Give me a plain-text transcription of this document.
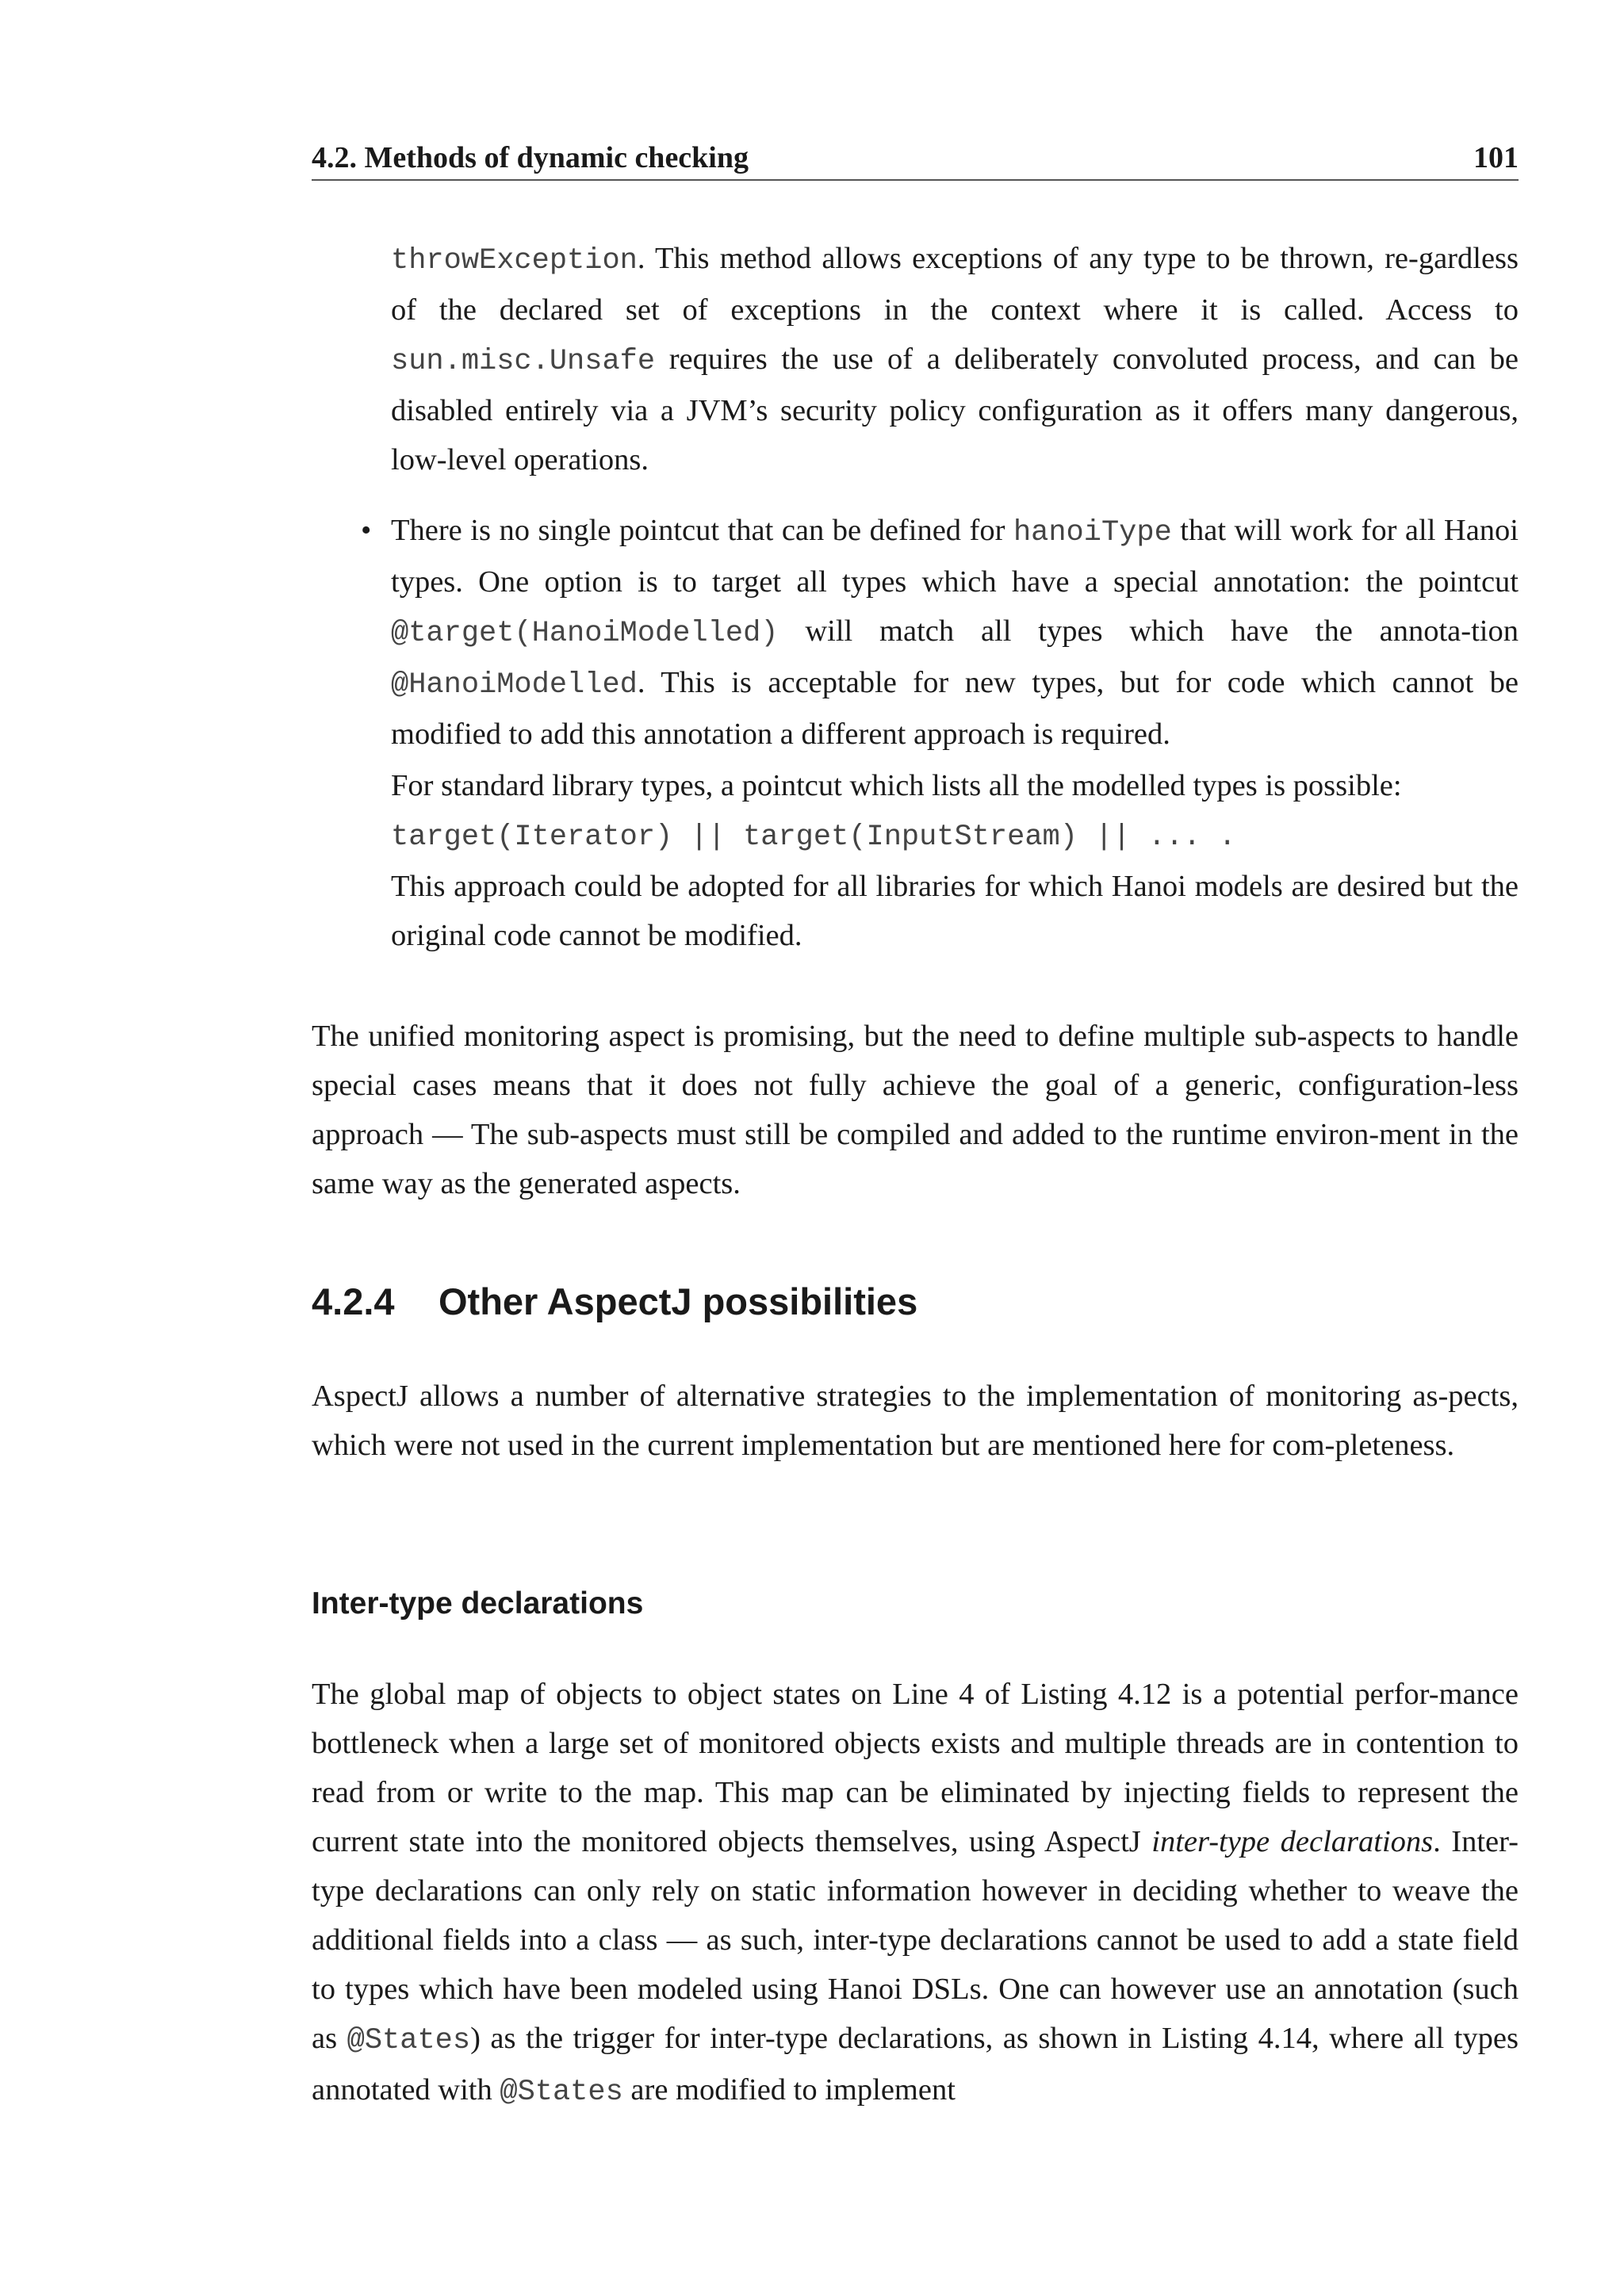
4.2. Methods of dynamic checking	101

throwException. This method allows exceptions of any type to be thrown, re-gardless of the declared set of exceptions in the context where it is called. Access to sun.misc.Unsafe requires the use of a deliberately convoluted process, and can be disabled entirely via a JVM’s security policy configuration as it offers many dangerous, low-level operations.

• There is no single pointcut that can be defined for hanoiType that will work for all Hanoi types. One option is to target all types which have a special annotation: the pointcut @target(HanoiModelled) will match all types which have the annota-tion @HanoiModelled. This is acceptable for new types, but for code which cannot be modified to add this annotation a different approach is required.

For standard library types, a pointcut which lists all the modelled types is possible:

target(Iterator) || target(InputStream) || ... .

This approach could be adopted for all libraries for which Hanoi models are desired but the original code cannot be modified.

The unified monitoring aspect is promising, but the need to define multiple sub-aspects to handle special cases means that it does not fully achieve the goal of a generic, configuration-less approach — The sub-aspects must still be compiled and added to the runtime environ-ment in the same way as the generated aspects.

4.2.4 Other AspectJ possibilities

AspectJ allows a number of alternative strategies to the implementation of monitoring as-pects, which were not used in the current implementation but are mentioned here for com-pleteness.

Inter-type declarations

The global map of objects to object states on Line 4 of Listing 4.12 is a potential perfor-mance bottleneck when a large set of monitored objects exists and multiple threads are in contention to read from or write to the map. This map can be eliminated by injecting fields to represent the current state into the monitored objects themselves, using AspectJ inter-type declarations. Inter-type declarations can only rely on static information however in deciding whether to weave the additional fields into a class — as such, inter-type declarations cannot be used to add a state field to types which have been modeled using Hanoi DSLs. One can however use an annotation (such as @States) as the trigger for inter-type declarations, as shown in Listing 4.14, where all types annotated with @States are modified to implement
